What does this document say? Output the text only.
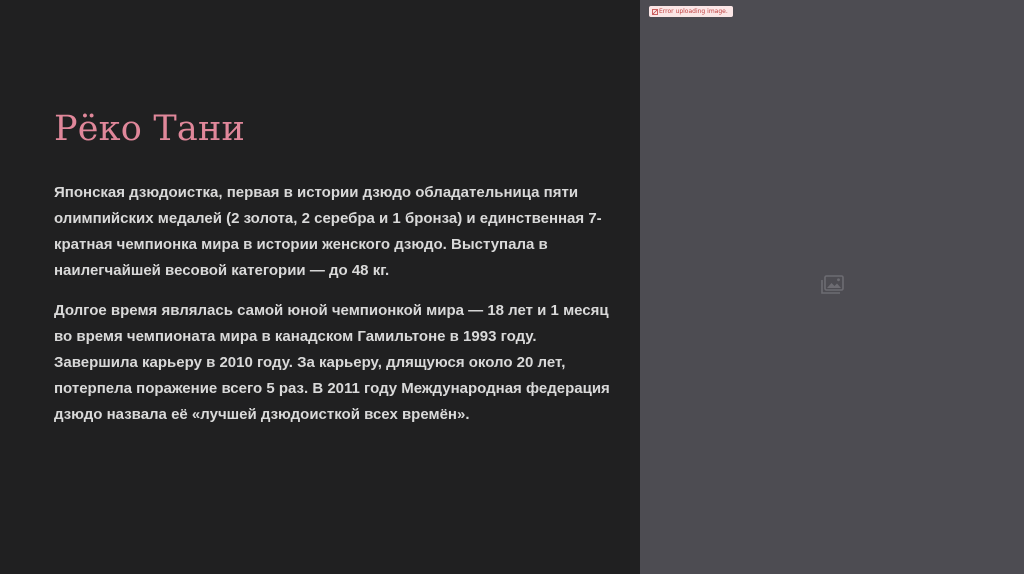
Рёко Тани

Японская дзюдоистка, первая в истории дзюдо обладательница пяти олимпийских медалей (2 золота, 2 серебра и 1 бронза) и единственная 7-кратная чемпионка мира в истории женского дзюдо. Выступала в наилегчайшей весовой категории — до 48 кг.

Долгое время являлась самой юной чемпионкой мира — 18 лет и 1 месяц во время чемпионата мира в канадском Гамильтоне в 1993 году. Завершила карьеру в 2010 году. За карьеру, длящуюся около 20 лет, потерпела поражение всего 5 раз. В 2011 году Международная федерация дзюдо назвала её «лучшей дзюдоисткой всех времён».

Error uploading image.
